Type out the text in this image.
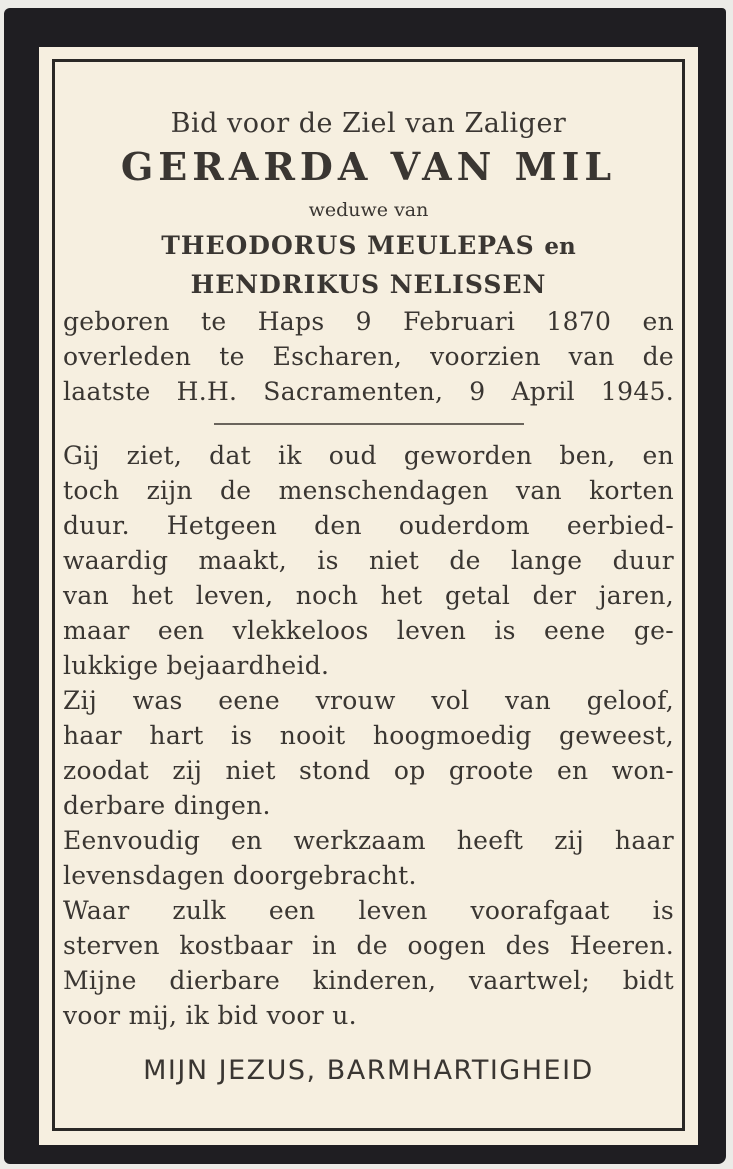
Bid voor de Ziel van Zaliger

GERARDA VAN MIL

weduwe van

THEODORUS MEULEPAS en

HENDRIKUS NELISSEN

geboren te Haps 9 Februari 1870 en

overleden te Escharen, voorzien van de

laatste H.H. Sacramenten, 9 April 1945.

Gij ziet, dat ik oud geworden ben, en

toch zijn de menschendagen van korten

duur. Hetgeen den ouderdom eerbied-

waardig maakt, is niet de lange duur

van het leven, noch het getal der jaren,

maar een vlekkeloos leven is eene ge-

lukkige bejaardheid.

Zij was eene vrouw vol van geloof,

haar hart is nooit hoogmoedig geweest,

zoodat zij niet stond op groote en won-

derbare dingen.

Eenvoudig en werkzaam heeft zij haar

levensdagen doorgebracht.

Waar zulk een leven voorafgaat is

sterven kostbaar in de oogen des Heeren.

Mijne dierbare kinderen, vaartwel; bidt

voor mij, ik bid voor u.

MIJN JEZUS, BARMHARTIGHEID
